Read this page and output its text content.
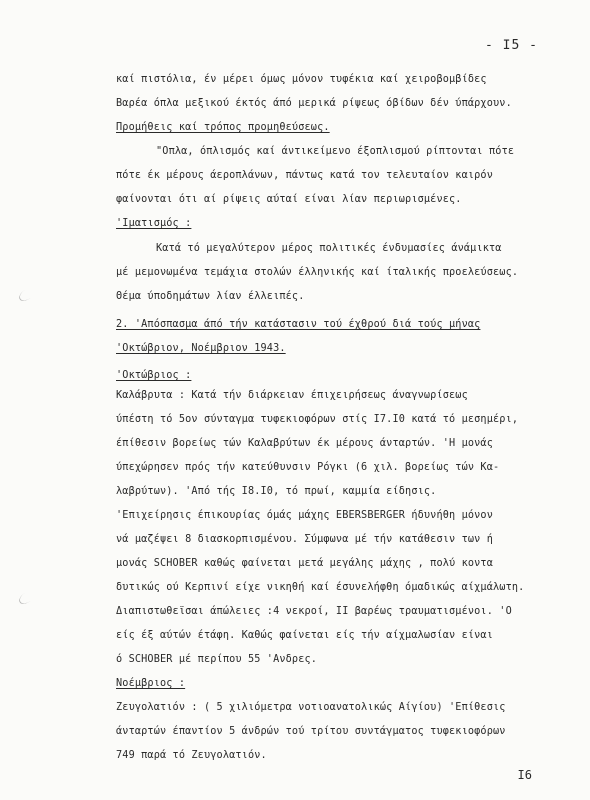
- Ι5 -
καί πιστόλια, έν μέρει όμως μόνον τυφέκια καί χειροβομβίδες
Βαρέα όπλα μεξικού έκτός άπό μερικά ρίψεως όβίδων δέν ύπάρχουν.
Προμήθεις καί τρόπος προμηθεύσεως.
"Οπλα, όπλισμός καί άντικείμενο έξοπλισμού ρίπτονται πότε
πότε έκ μέρους άεροπλάνων, πάντως κατά τον τελευταίον καιρόν
φαίνονται ότι αί ρίψεις αύταί είναι λίαν περιωρισμένες.
'Ιματισμός :
Κατά τό μεγαλύτερον μέρος πολιτικές ένδυμασίες άνάμικτα
μέ μεμονωμένα τεμάχια στολών έλληνικής καί ίταλικής προελεύσεως.
Θέμα ύποδημάτων λίαν έλλειπές.
2. 'Απόσπασμα άπό τήν κατάστασιν τού έχθρού διά τούς μήνας
'Οκτώβριον, Νοέμβριον 1943.
'Οκτώβριος :
Καλάβρυτα : Κατά τήν διάρκειαν έπιχειρήσεως άναγνωρίσεως
ύπέστη τό 5ον σύνταγμα τυφεκιοφόρων στίς Ι7.Ι0 κατά τό μεσημέρι,
έπίθεσιν βορείως τών Καλαβρύτων έκ μέρους άνταρτών. 'Η μονάς
ύπεχώρησεν πρός τήν κατεύθυνσιν Ρόγκι (6 χιλ. βορείως τών Κα-
λαβρύτων). 'Από τής Ι8.Ι0, τό πρωί, καμμία είδησις.
'Επιχείρησις έπικουρίας όμάς μάχης EBERSBERGER ήδυνήθη μόνον
νά μαζέψει 8 διασκορπισμένου. Σύμφωνα μέ τήν κατάθεσιν των ή
μονάς SCHOBER καθώς φαίνεται μετά μεγάλης μάχης , πολύ κοντα
δυτικώς ού Κερπινί είχε νικηθή καί έσυνελήφθη όμαδικώς αίχμάλωτη.
Διαπιστωθεϊσαι άπώλειες :4 νεκροί, ΙΙ βαρέως τραυματισμένοι. 'Ο
είς έξ αύτών έτάφη. Καθώς φαίνεται είς τήν αίχμαλωσίαν είναι
ό SCHOBER μέ περίπου 55 'Ανδρες.
Νοέμβριος :
Ζευγολατιόν : ( 5 χιλιόμετρα νοτιοανατολικώς Αίγίου) 'Επίθεσις
άνταρτών έπαντίον 5 άνδρών τού τρίτου συντάγματος τυφεκιοφόρων
749 παρά τό Ζευγολατιόν.
Ι6
